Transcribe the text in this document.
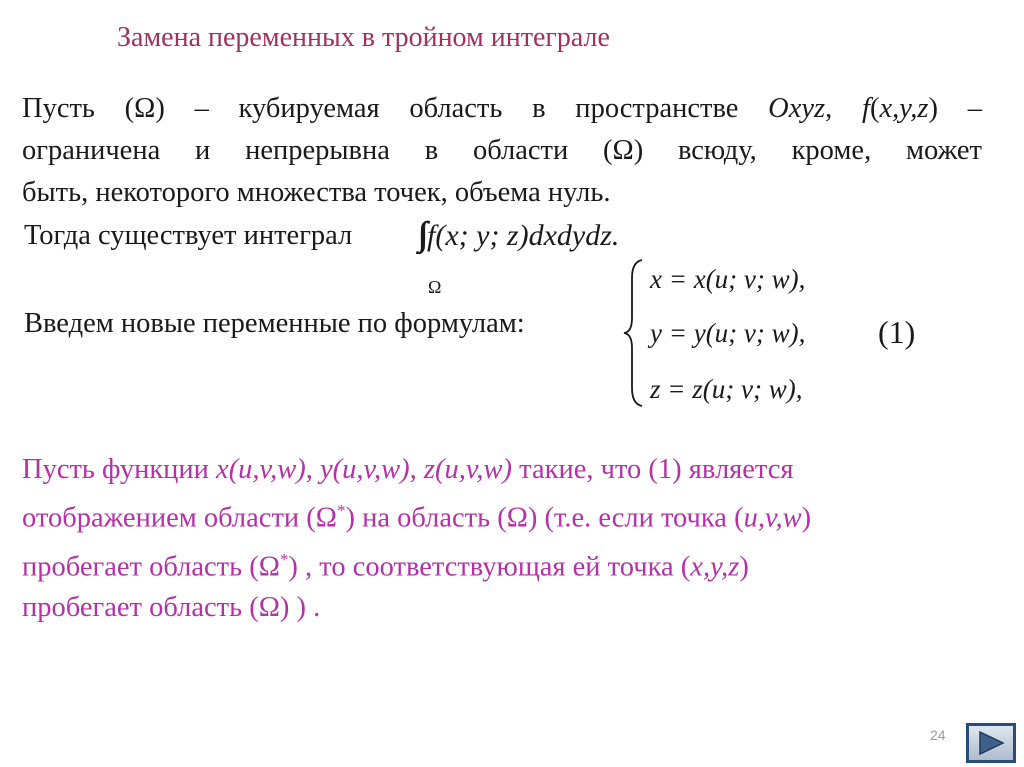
Замена переменных в тройном интеграле
Пусть (Ω) – кубируемая область в пространстве Oxyz, f(x,y,z) –
ограничена и непрерывна в области (Ω) всюду, кроме, может
быть, некоторого множества точек, объема нуль.
Тогда существует интеграл f(x; y; z)dxdydz.
Ω
Введем новые переменные по формулам:
x = x(u; v; w),
y = y(u; v; w),
z = z(u; v; w),
(1)
Пусть функции x(u,v,w), y(u,v,w), z(u,v,w) такие, что (1) является
отображением области (Ω*) на область (Ω) (т.е. если точка (u,v,w)
пробегает область (Ω*) , то соответствующая ей точка (x,y,z)
пробегает область (Ω) ) .
24
